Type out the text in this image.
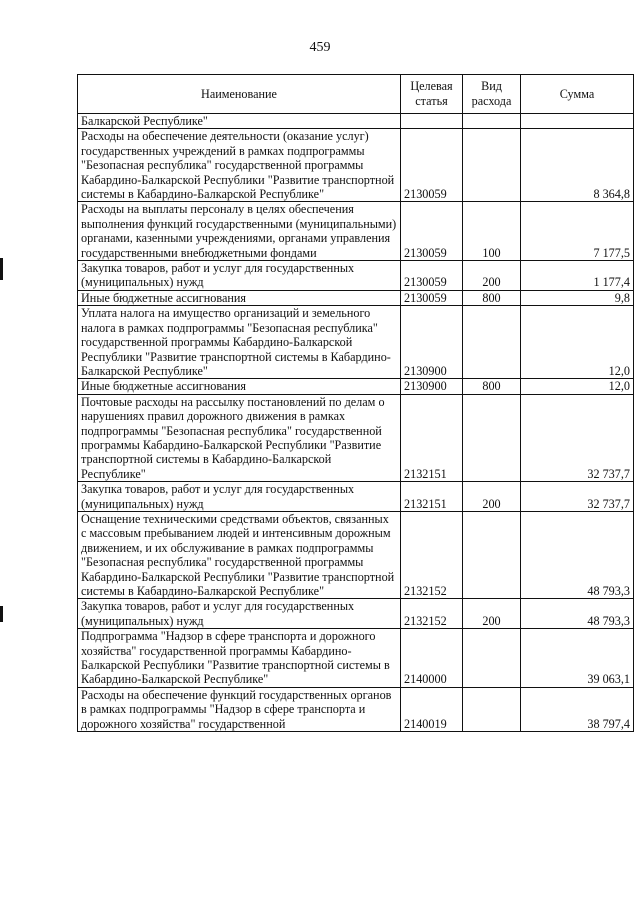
459
Наименование	Целевая статья	Вид расхода	Сумма
Балкарской Республике"			
Расходы на обеспечение деятельности (оказание услуг) государственных учреждений в рамках подпрограммы "Безопасная республика" государственной программы Кабардино-Балкарской Республики "Развитие транспортной системы в Кабардино-Балкарской Республике"	2130059		8 364,8
Расходы на выплаты персоналу в целях обеспечения выполнения функций государственными (муниципальными) органами, казенными учреждениями, органами управления государственными внебюджетными фондами	2130059	100	7 177,5
Закупка товаров, работ и услуг для государственных (муниципальных) нужд	2130059	200	1 177,4
Иные бюджетные ассигнования	2130059	800	9,8
Уплата налога на имущество организаций и земельного налога в рамках подпрограммы "Безопасная республика" государственной программы Кабардино-Балкарской Республики "Развитие транспортной системы в Кабардино-Балкарской Республике"	2130900		12,0
Иные бюджетные ассигнования	2130900	800	12,0
Почтовые расходы на рассылку постановлений по делам о нарушениях правил дорожного движения в рамках подпрограммы "Безопасная республика" государственной программы Кабардино-Балкарской Республики "Развитие транспортной системы в Кабардино-Балкарской Республике"	2132151		32 737,7
Закупка товаров, работ и услуг для государственных (муниципальных) нужд	2132151	200	32 737,7
Оснащение техническими средствами объектов, связанных с массовым пребыванием людей и интенсивным дорожным движением, и их обслуживание в рамках подпрограммы "Безопасная республика" государственной программы Кабардино-Балкарской Республики "Развитие транспортной системы в Кабардино-Балкарской Республике"	2132152		48 793,3
Закупка товаров, работ и услуг для государственных (муниципальных) нужд	2132152	200	48 793,3
Подпрограмма "Надзор в сфере транспорта и дорожного хозяйства" государственной программы Кабардино-Балкарской Республики "Развитие транспортной системы в Кабардино-Балкарской Республике"	2140000		39 063,1
Расходы на обеспечение функций государственных органов в рамках подпрограммы "Надзор в сфере транспорта и дорожного хозяйства" государственной	2140019		38 797,4
